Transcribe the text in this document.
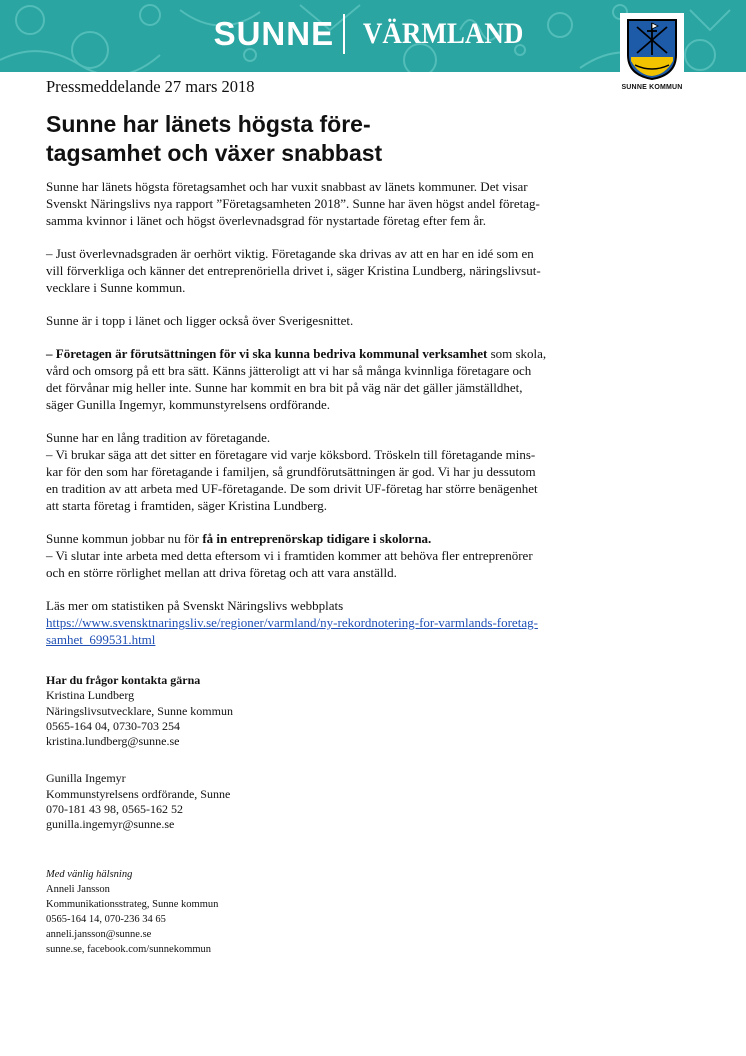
SUNNE VÄRMLAND
SUNNE KOMMUN
Pressmeddelande 27 mars 2018
Sunne har länets högsta före-
tagsamhet och växer snabbast

Sunne har länets högsta företagsamhet och har vuxit snabbast av länets kommuner. Det visar
Svenskt Näringslivs nya rapport ”Företagsamheten 2018”. Sunne har även högst andel företag-
samma kvinnor i länet och högst överlevnadsgrad för nystartade företag efter fem år.

– Just överlevnadsgraden är oerhört viktig. Företagande ska drivas av att en har en idé som en
vill förverkliga och känner det entreprenöriella drivet i, säger Kristina Lundberg, näringslivsut-
vecklare i Sunne kommun.

Sunne är i topp i länet och ligger också över Sverigesnittet.

– Företagen är förutsättningen för vi ska kunna bedriva kommunal verksamhet som skola,
vård och omsorg på ett bra sätt. Känns jätteroligt att vi har så många kvinnliga företagare och
det förvånar mig heller inte. Sunne har kommit en bra bit på väg när det gäller jämställdhet,
säger Gunilla Ingemyr, kommunstyrelsens ordförande.

Sunne har en lång tradition av företagande.
– Vi brukar säga att det sitter en företagare vid varje köksbord. Tröskeln till företagande mins-
kar för den som har företagande i familjen, så grundförutsättningen är god. Vi har ju dessutom
en tradition av att arbeta med UF-företagande. De som drivit UF-företag har större benägenhet
att starta företag i framtiden, säger Kristina Lundberg.

Sunne kommun jobbar nu för få in entreprenörskap tidigare i skolorna.
– Vi slutar inte arbeta med detta eftersom vi i framtiden kommer att behöva fler entreprenörer
och en större rörlighet mellan att driva företag och att vara anställd.

Läs mer om statistiken på Svenskt Näringslivs webbplats
https://www.svensktnaringsliv.se/regioner/varmland/ny-rekordnotering-for-varmlands-foretag-
samhet_699531.html

Har du frågor kontakta gärna
Kristina Lundberg
Näringslivsutvecklare, Sunne kommun
0565-164 04, 0730-703 254
kristina.lundberg@sunne.se
Gunilla Ingemyr
Kommunstyrelsens ordförande, Sunne
070-181 43 98, 0565-162 52
gunilla.ingemyr@sunne.se
Med vänlig hälsning
Anneli Jansson
Kommunikationsstrateg, Sunne kommun
0565-164 14, 070-236 34 65
anneli.jansson@sunne.se
sunne.se, facebook.com/sunnekommun
